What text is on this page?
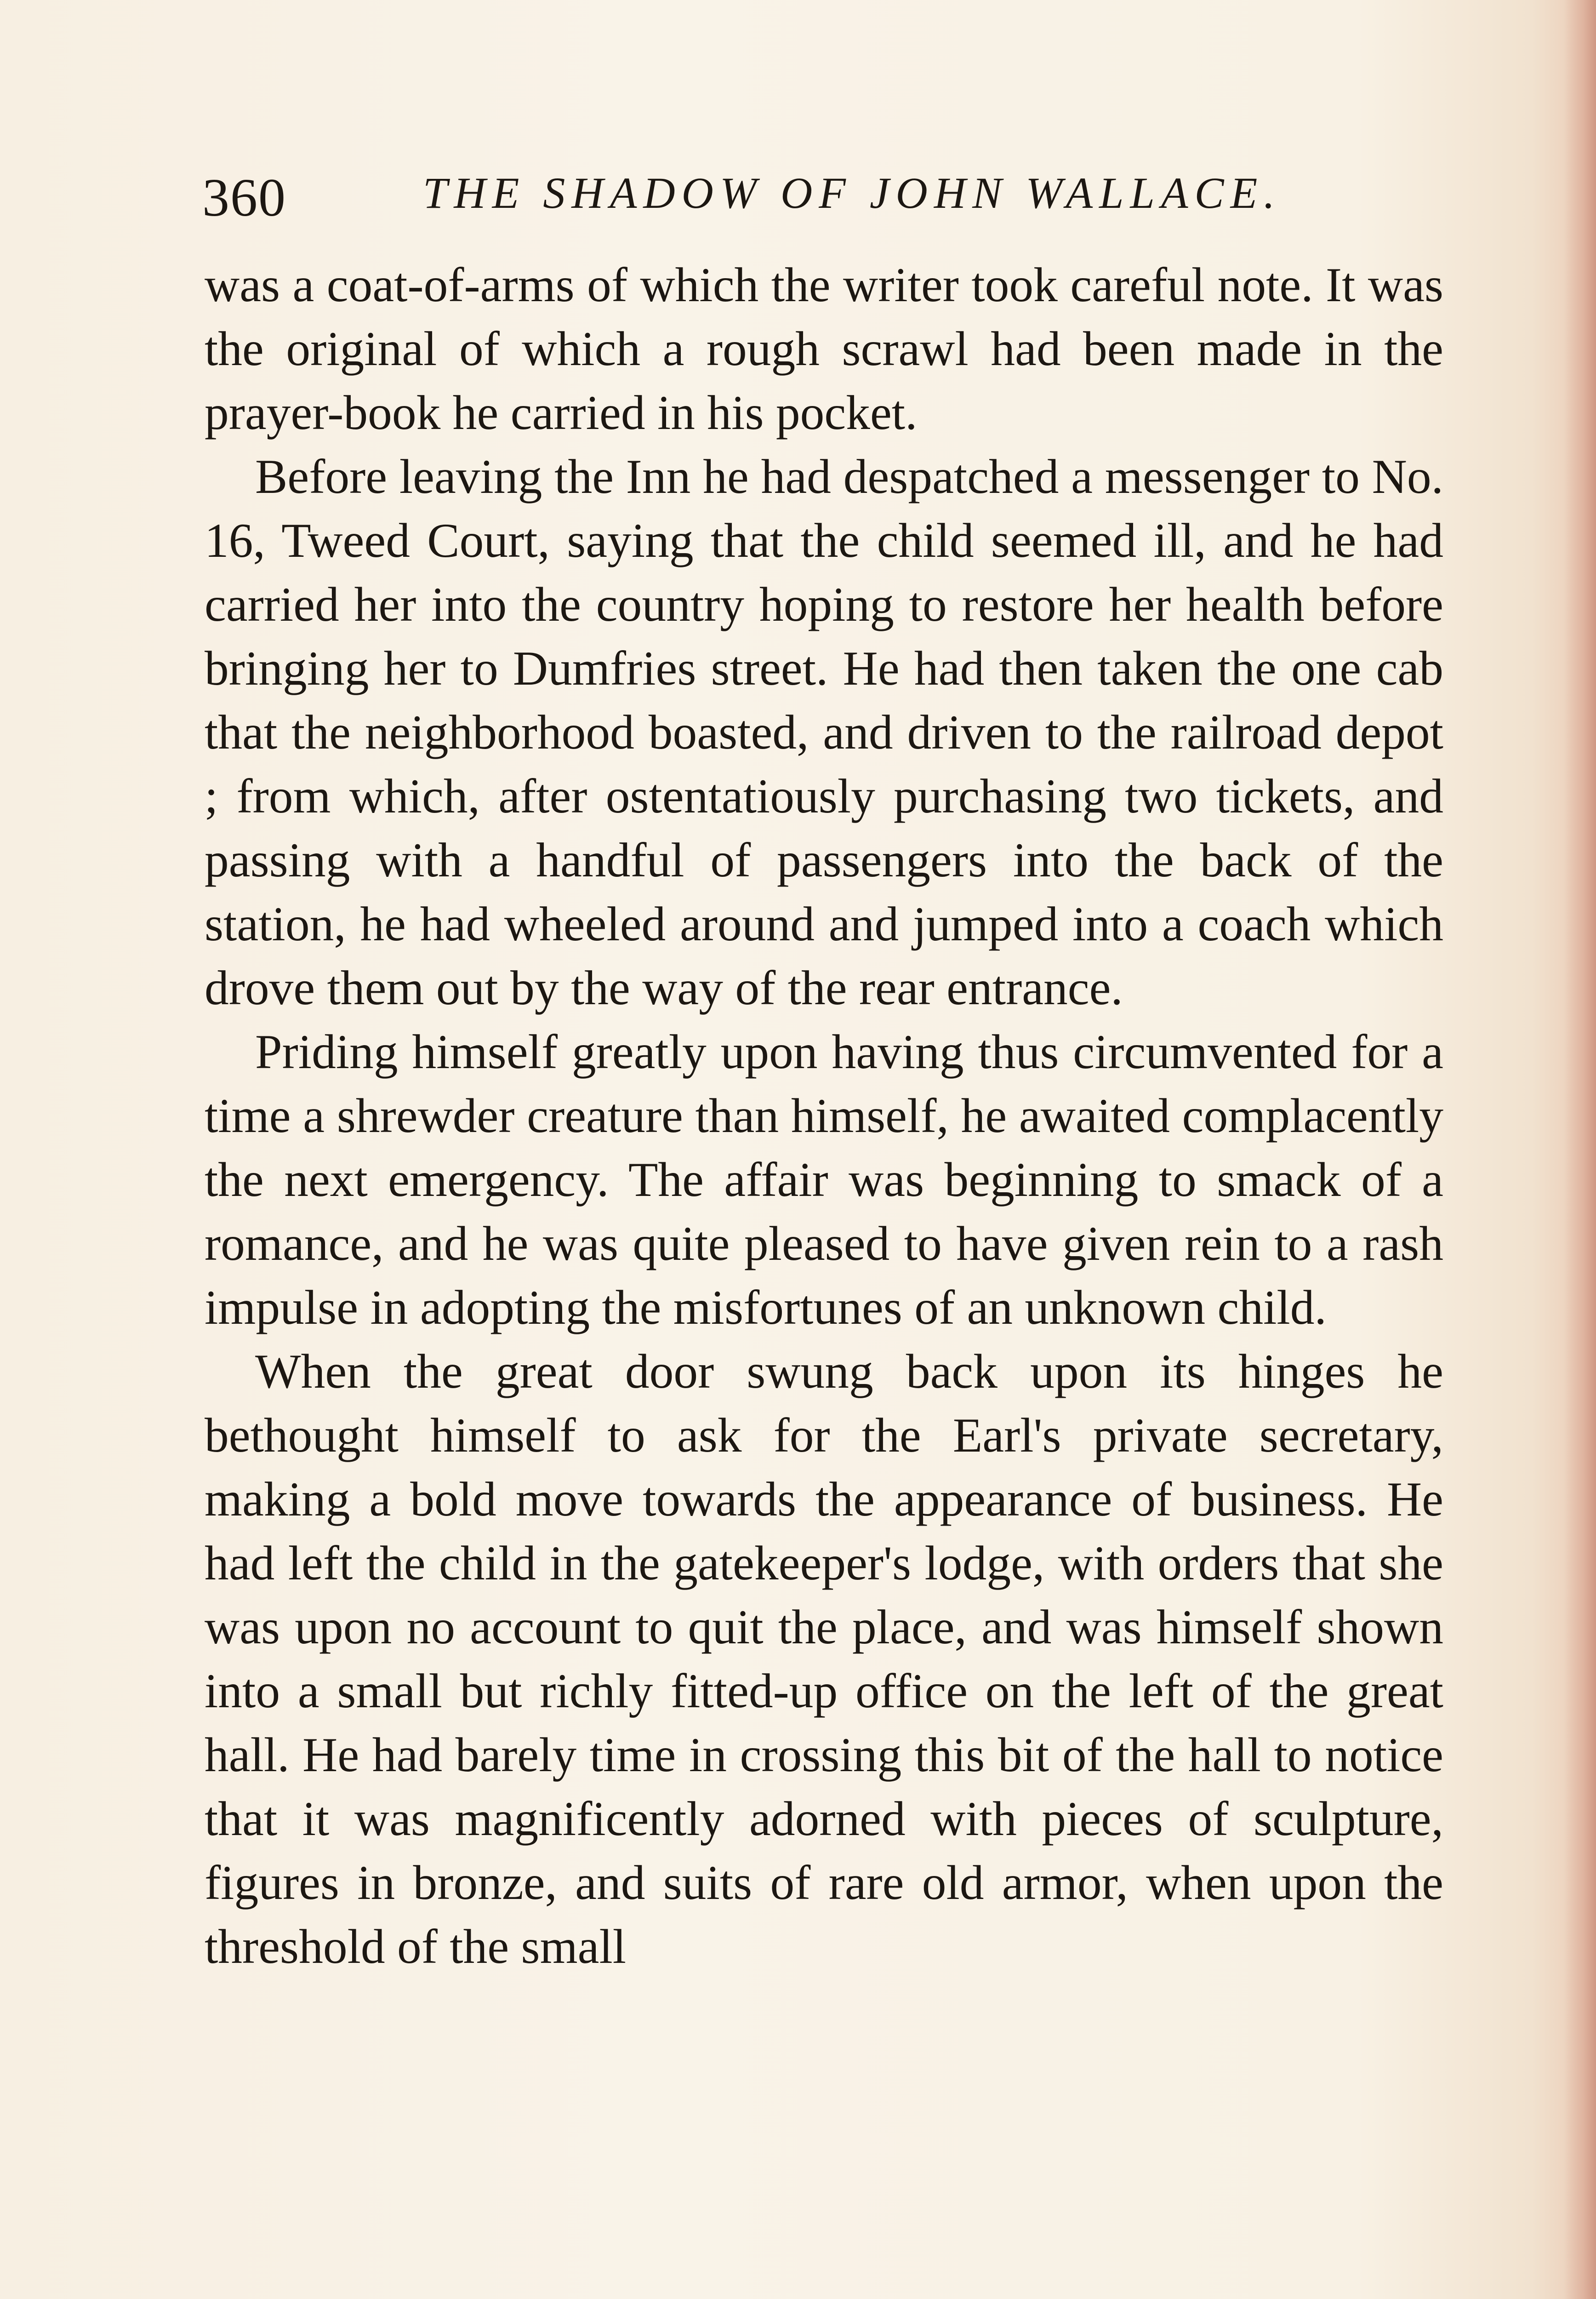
360	THE SHADOW OF JOHN WALLACE.

was a coat-of-arms of which the writer took careful note. It was the original of which a rough scrawl had been made in the prayer-book he carried in his pocket.

Before leaving the Inn he had despatched a messenger to No. 16, Tweed Court, saying that the child seemed ill, and he had carried her into the country hoping to restore her health before bringing her to Dumfries street. He had then taken the one cab that the neighborhood boasted, and driven to the railroad depot ; from which, after ostentatiously purchasing two tickets, and passing with a handful of passengers into the back of the station, he had wheeled around and jumped into a coach which drove them out by the way of the rear entrance.

Priding himself greatly upon having thus circumvented for a time a shrewder creature than himself, he awaited complacently the next emergency. The affair was beginning to smack of a romance, and he was quite pleased to have given rein to a rash impulse in adopting the misfortunes of an unknown child.

When the great door swung back upon its hinges he bethought himself to ask for the Earl's private secretary, making a bold move towards the appearance of business. He had left the child in the gatekeeper's lodge, with orders that she was upon no account to quit the place, and was himself shown into a small but richly fitted-up office on the left of the great hall. He had barely time in crossing this bit of the hall to notice that it was magnificently adorned with pieces of sculpture, figures in bronze, and suits of rare old armor, when upon the threshold of the small
